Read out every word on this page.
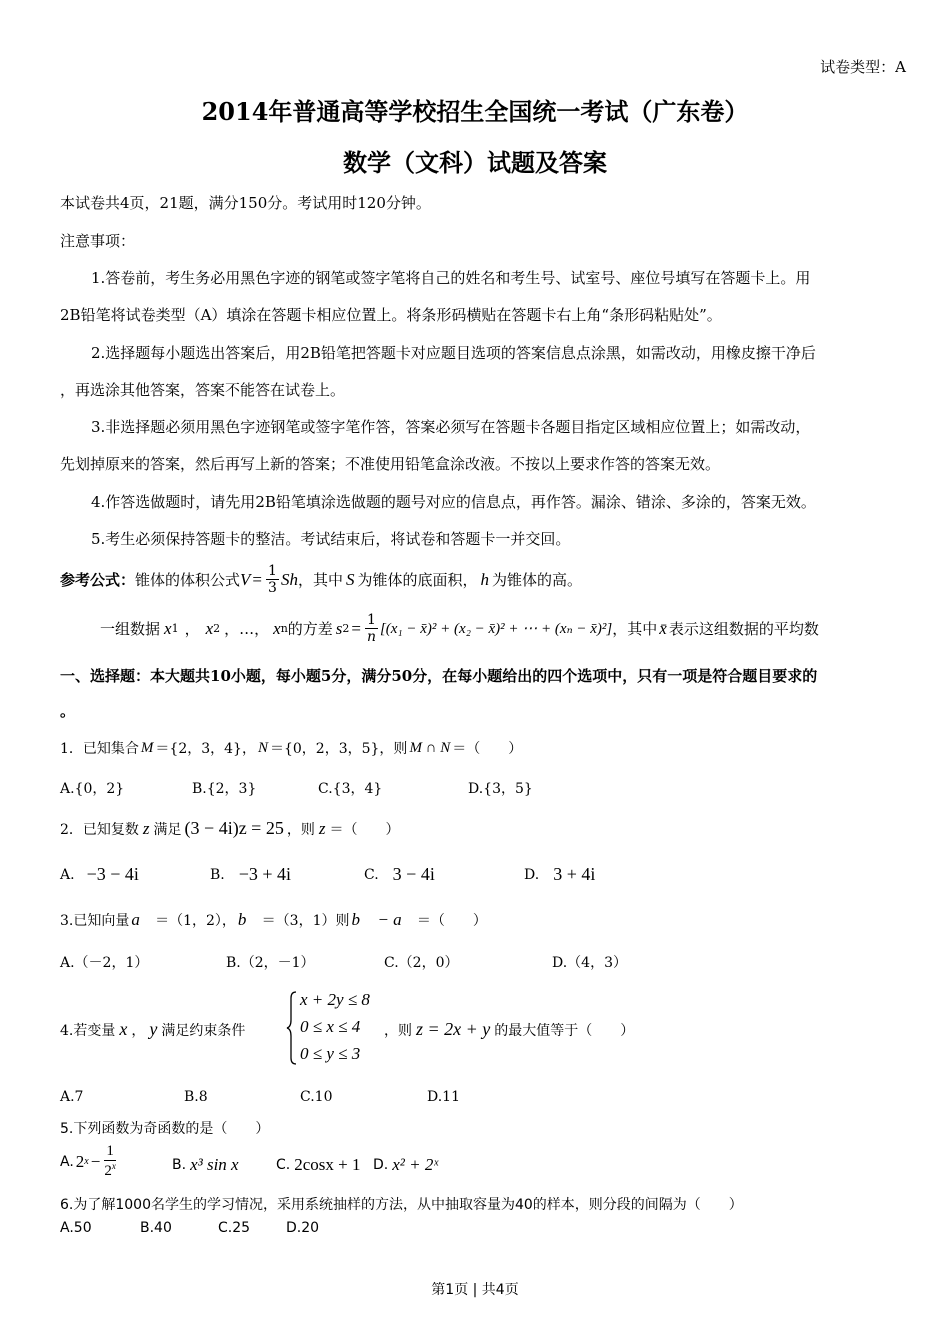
试卷类型：A
2014年普通高等学校招生全国统一考试（广东卷）
数学（文科）试题及答案
本试卷共4页，21题，满分150分。考试用时120分钟。
注意事项：
1.答卷前，考生务必用黑色字迹的钢笔或签字笔将自己的姓名和考生号、试室号、座位号填写在答题卡上。用
2B铅笔将试卷类型（A）填涂在答题卡相应位置上。将条形码横贴在答题卡右上角“条形码粘贴处”。
2.选择题每小题选出答案后，用2B铅笔把答题卡对应题目选项的答案信息点涂黑，如需改动，用橡皮擦干净后
，再选涂其他答案，答案不能答在试卷上。
3.非选择题必须用黑色字迹钢笔或签字笔作答，答案必须写在答题卡各题目指定区域相应位置上；如需改动，
先划掉原来的答案，然后再写上新的答案；不准使用铅笔盒涂改液。不按以上要求作答的答案无效。
4.作答选做题时，请先用2B铅笔填涂选做题的题号对应的信息点，再作答。漏涂、错涂、多涂的，答案无效。
5.考生必须保持答题卡的整洁。考试结束后，将试卷和答题卡一并交回。
参考公式： 锥体的体积公式 $V = \frac{1}{3}$ Sh ，其中 S 为锥体的底面积， h 为锥体的高。
一组数据 x 1 ， x 2 ，…， x n 的方差 s $2 = \frac{1}{n} [(x_1$ − x̄)² + (x₂ − x̄)² + ⋯ + (xₙ − x̄)²] ，其中 x̄ 表示这组数据的平均数
一、选择题：本大题共10小题，每小题5分，满分50分，在每小题给出的四个选项中，只有一项是符合题目要求的
。
1．已知集合 M ＝{2，3，4}， N ＝{0，2，3，5}，则 M ∩ N ＝（　　）
A.{0，2}	B.{2，3}	C.{3，4}	D.{3，5}
2．已知复数 z 满足 (3 − 4i)z = 25 ，则 z ＝（　　）
A. −3 − 4i	B. −3 + 4i	C. 3 − 4i	D. 3 + 4i
3.已知向量 a⃗ ＝（1，2）， b⃗ ＝（3，1）则 b⃗ − a⃗ ＝（　　）
A.（－2，1）	B.（2，－1）	C.（2，0）	D.（4，3）
4.若变量 x ， y 满足约束条件
x + 2y ≤ 8
0 ≤ x ≤ 4
0 ≤ y ≤ 3
，则 z = 2x + y 的最大值等于（　　）
A.7	B.8	C.10	D.11
5.下列函数为奇函数的是（　　）
A. 2 $x - \frac{1}{2^x}$	B. x³ sin x	C. 2cosx + 1 D. x² + 2ˣ
6.为了解1000名学生的学习情况，采用系统抽样的方法，从中抽取容量为40的样本，则分段的间隔为（　　）
A.50	B.40	C.25	D.20
第1页 | 共4页
